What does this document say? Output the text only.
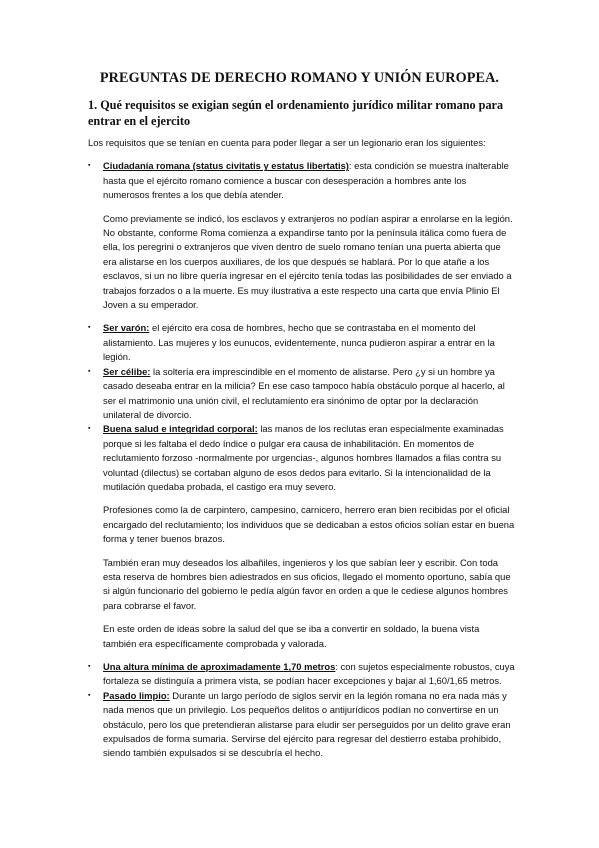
PREGUNTAS DE DERECHO ROMANO Y UNIÓN EUROPEA.
1. Qué requisitos se exigian según el ordenamiento jurídico militar romano para entrar en el ejercito

Los requisitos que se tenían en cuenta para poder llegar a ser un legionario eran los siguientes:

▪ Ciudadanía romana (status civitatis y estatus libertatis): esta condición se muestra inalterable hasta que el ejército romano comience a buscar con desesperación a hombres ante los numerosos frentes a los que debía atender.

Como previamente se indicó, los esclavos y extranjeros no podían aspirar a enrolarse en la legión. No obstante, conforme Roma comienza a expandirse tanto por la península itálica como fuera de ella, los peregrini o extranjeros que viven dentro de suelo romano tenían una puerta abierta que era alistarse en los cuerpos auxiliares, de los que después se hablará. Por lo que atañe a los esclavos, si un no libre quería ingresar en el ejército tenía todas las posibilidades de ser enviado a trabajos forzados o a la muerte. Es muy ilustrativa a este respecto una carta que envía Plinio El Joven a su emperador.

▪ Ser varón: el ejército era cosa de hombres, hecho que se contrastaba en el momento del alistamiento. Las mujeres y los eunucos, evidentemente, nunca pudieron aspirar a entrar en la legión.

▪ Ser célibe: la soltería era imprescindible en el momento de alistarse. Pero ¿y si un hombre ya casado deseaba entrar en la milicia? En ese caso tampoco había obstáculo porque al hacerlo, al ser el matrimonio una unión civil, el reclutamiento era sinónimo de optar por la declaración unilateral de divorcio.

▪ Buena salud e integridad corporal: las manos de los reclutas eran especialmente examinadas porque si les faltaba el dedo índice o pulgar era causa de inhabilitación. En momentos de reclutamiento forzoso -normalmente por urgencias-, algunos hombres llamados a filas contra su voluntad (dilectus) se cortaban alguno de esos dedos para evitarlo. Si la intencionalidad de la mutilación quedaba probada, el castigo era muy severo.

Profesiones como la de carpintero, campesino, carnicero, herrero eran bien recibidas por el oficial encargado del reclutamiento; los individuos que se dedicaban a estos oficios solían estar en buena forma y tener buenos brazos.

También eran muy deseados los albañiles, ingenieros y los que sabían leer y escribir. Con toda esta reserva de hombres bien adiestrados en sus oficios, llegado el momento oportuno, sabía que si algún funcionario del gobierno le pedía algún favor en orden a que le cediese algunos hombres para cobrarse el favor.

En este orden de ideas sobre la salud del que se iba a convertir en soldado, la buena vista también era específicamente comprobada y valorada.

▪ Una altura mínima de aproximadamente 1,70 metros: con sujetos especialmente robustos, cuya fortaleza se distinguía a primera vista, se podían hacer excepciones y bajar al 1,60/1,65 metros.

▪ Pasado limpio: Durante un largo período de siglos servir en la legión romana no era nada más y nada menos que un privilegio. Los pequeños delitos o antijurídicos podían no convertirse en un obstáculo, pero los que pretendieran alistarse para eludir ser perseguidos por un delito grave eran expulsados de forma sumaria. Servirse del ejército para regresar del destierro estaba prohibido, siendo también expulsados si se descubría el hecho.
